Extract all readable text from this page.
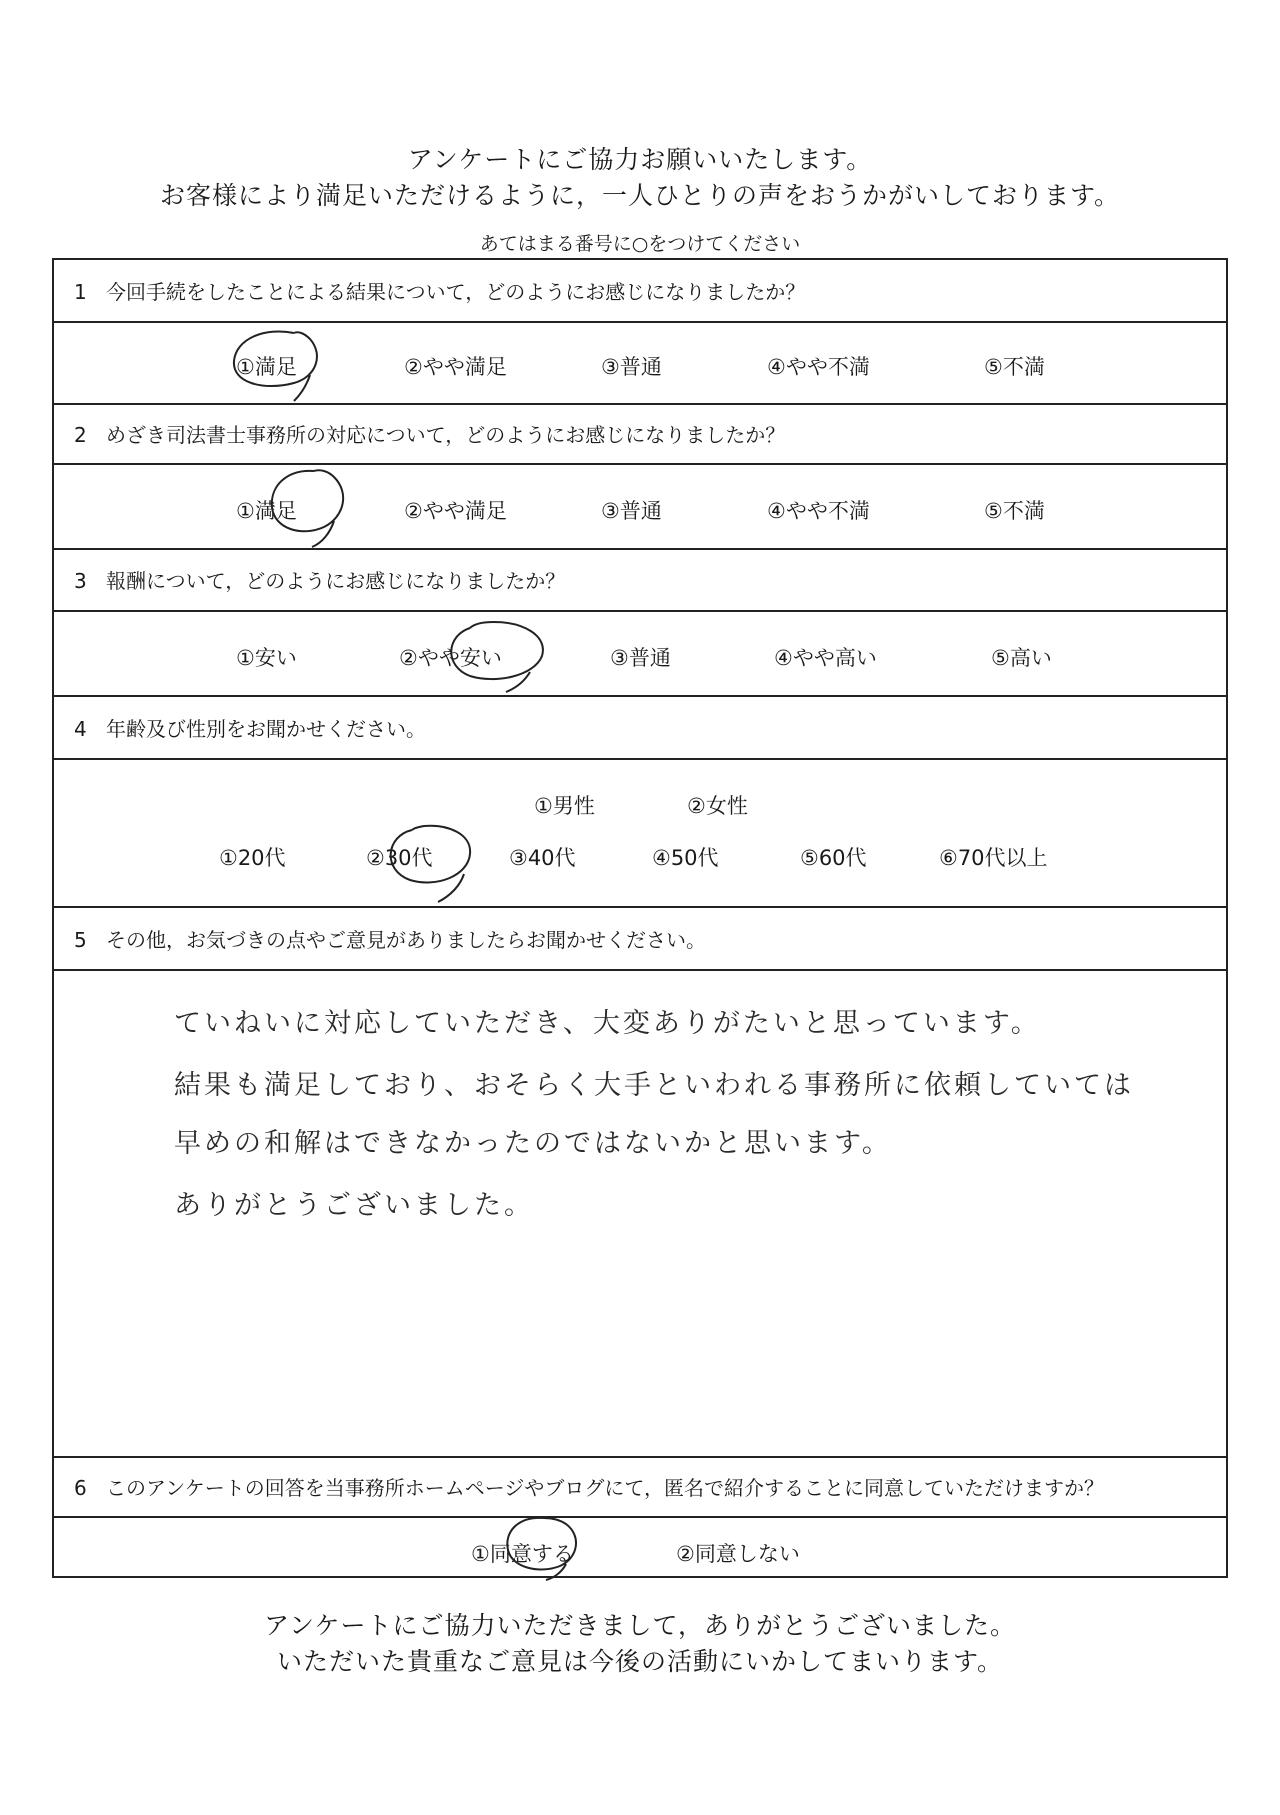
アンケートにご協力お願いいたします。
お客様により満足いただけるように，一人ひとりの声をおうかがいしております。
あてはまる番号に○をつけてください
1 今回手続をしたことによる結果について，どのようにお感じになりましたか？
①満足	②やや満足	③普通	④やや不満	⑤不満
2 めざき司法書士事務所の対応について，どのようにお感じになりましたか？
①満足	②やや満足	③普通	④やや不満	⑤不満
3 報酬について，どのようにお感じになりましたか？
①安い	②やや安い	③普通	④やや高い	⑤高い
4 年齢及び性別をお聞かせください。
①男性	②女性
①20代	②30代	③40代	④50代	⑤60代	⑥70代以上
5 その他，お気づきの点やご意見がありましたらお聞かせください。
ていねいに対応していただき、大変ありがたいと思っています。
結果も満足しており、おそらく大手といわれる事務所に依頼していては
早めの和解はできなかったのではないかと思います。
ありがとうございました。
6 このアンケートの回答を当事務所ホームページやブログにて，匿名で紹介することに同意していただけますか？
①同意する	②同意しない
アンケートにご協力いただきまして，ありがとうございました。
いただいた貴重なご意見は今後の活動にいかしてまいります。
